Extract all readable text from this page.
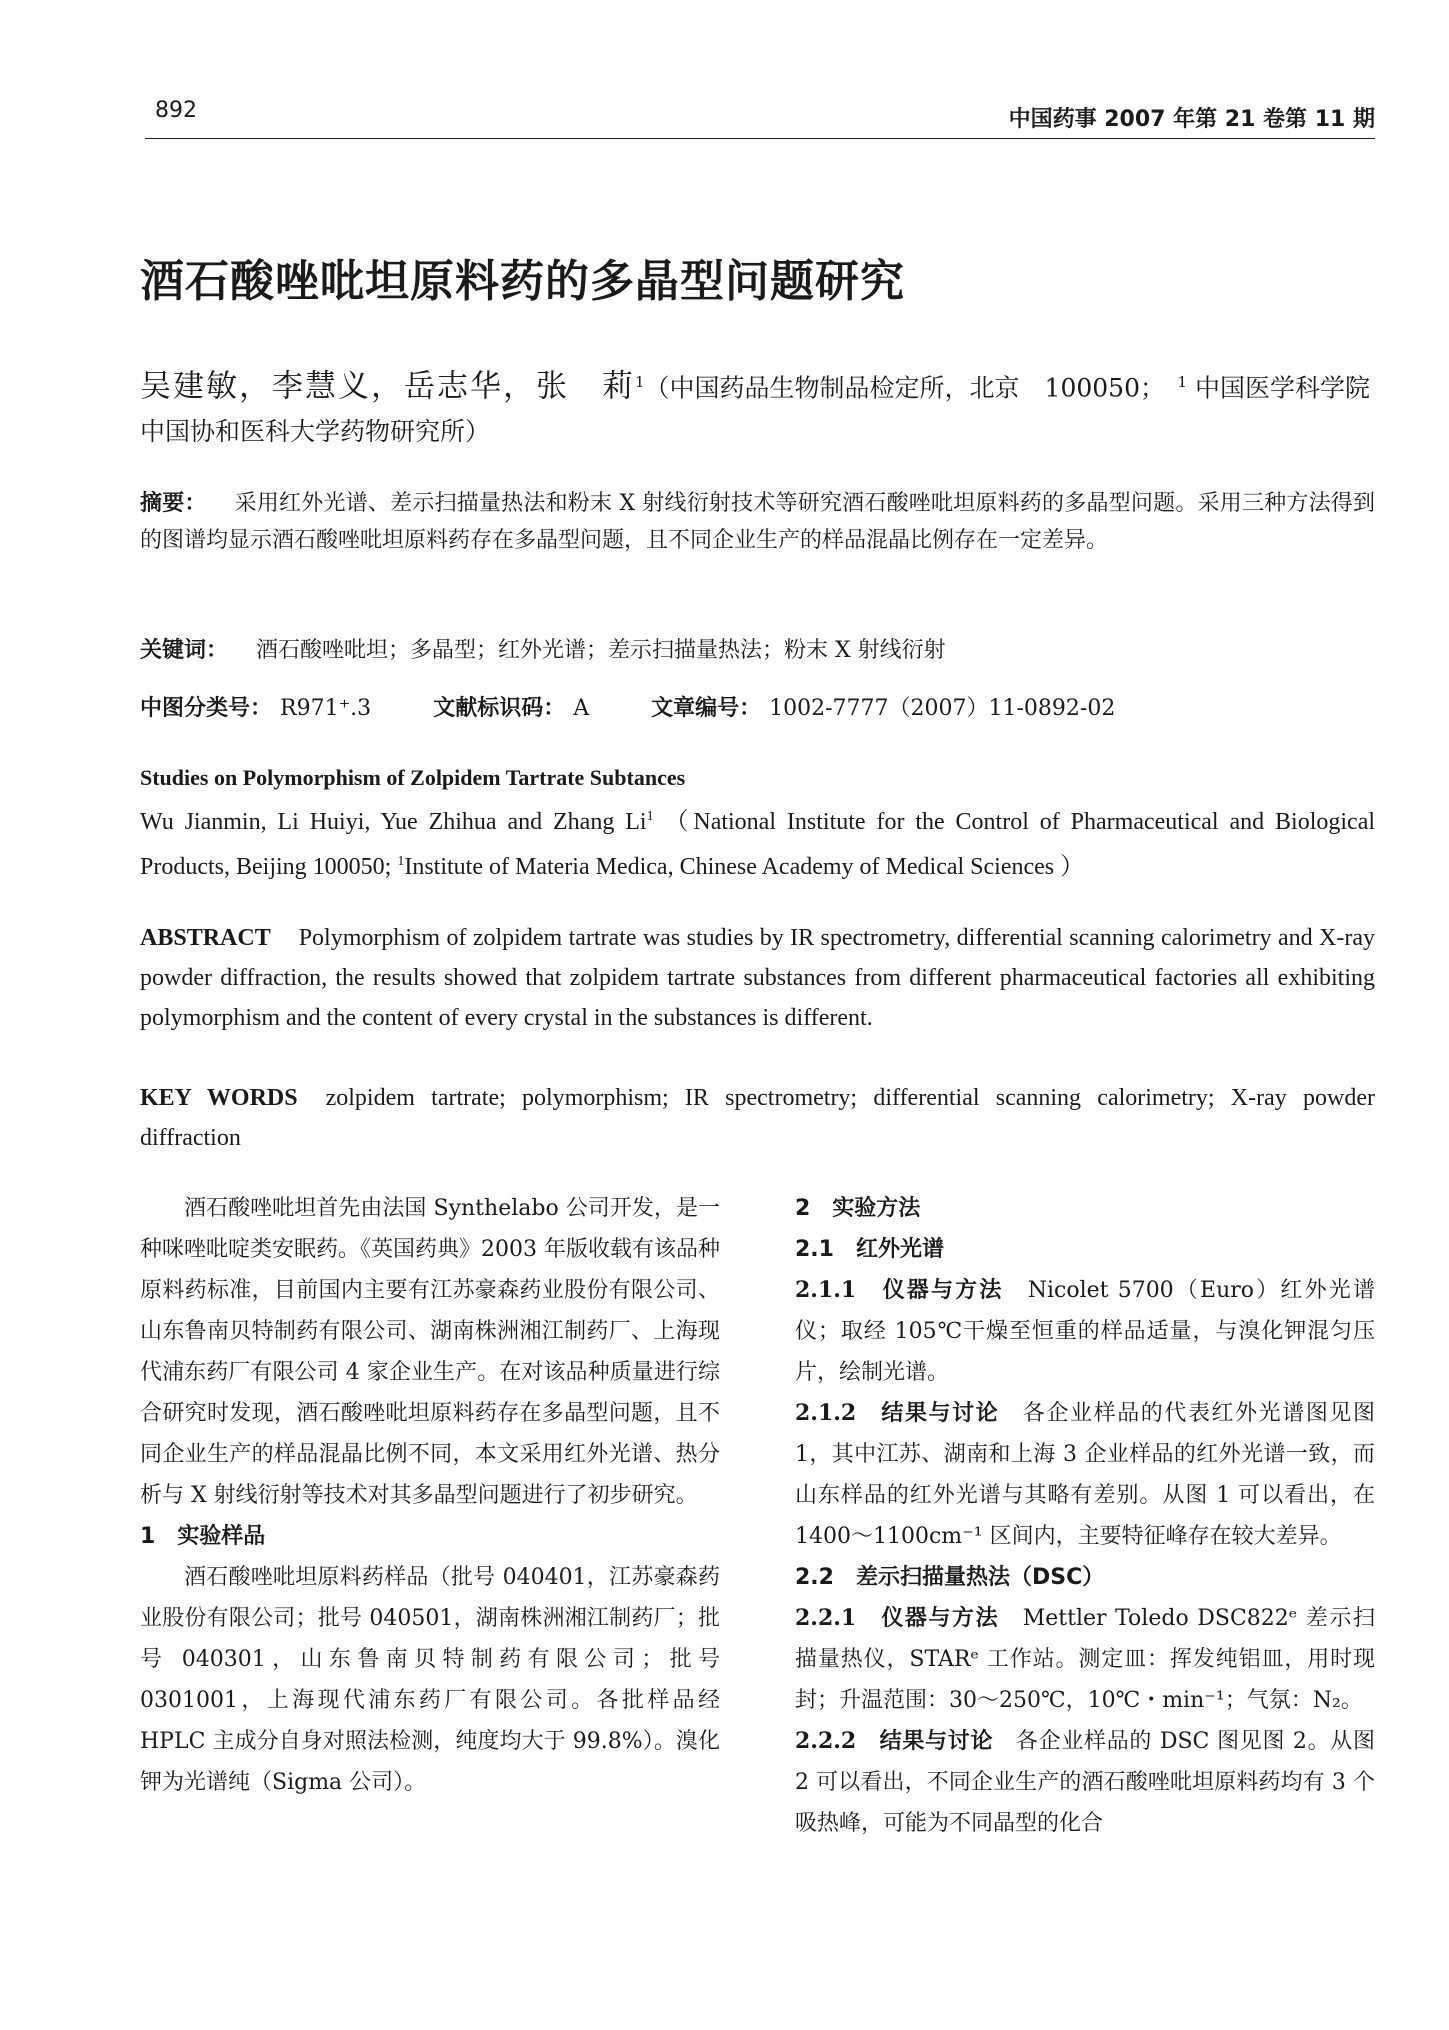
892	中国药事 2007 年第 21 卷第 11 期
酒石酸唑吡坦原料药的多晶型问题研究
吴建敏，李慧义，岳志华，张　莉$^1$（中国药品生物制品检定所，北京　100050；　 $^1$ 中国医学科学院中国协和医科大学药物研究所）
摘要： 采用红外光谱、差示扫描量热法和粉末 X 射线衍射技术等研究酒石酸唑吡坦原料药的多晶型问题。采用三种方法得到的图谱均显示酒石酸唑吡坦原料药存在多晶型问题，且不同企业生产的样品混晶比例存在一定差异。
关键词： 酒石酸唑吡坦；多晶型；红外光谱；差示扫描量热法；粉末 X 射线衍射
中图分类号： R971⁺.3	文献标识码： A	文章编号： 1002-7777（2007）11-0892-02
Studies on Polymorphism of Zolpidem Tartrate Subtances
Wu Jianmin, Li Huiyi, Yue Zhihua and Zhang Li$^1$ （National Institute for the Control of Pharmaceutical and Biological Products, Beijing 100050; $^1$Institute of Materia Medica, Chinese Academy of Medical Sciences ）
ABSTRACT Polymorphism of zolpidem tartrate was studies by IR spectrometry, differential scanning calorimetry and X-ray powder diffraction, the results showed that zolpidem tartrate substances from different pharmaceutical factories all exhibiting polymorphism and the content of every crystal in the substances is different.
KEY WORDS zolpidem tartrate; polymorphism; IR spectrometry; differential scanning calorimetry; X-ray powder diffraction

酒石酸唑吡坦首先由法国 Synthelabo 公司开发，是一种咪唑吡啶类安眠药。《英国药典》2003 年版收载有该品种原料药标准，目前国内主要有江苏豪森药业股份有限公司、山东鲁南贝特制药有限公司、湖南株洲湘江制药厂、上海现代浦东药厂有限公司 4 家企业生产。在对该品种质量进行综合研究时发现，酒石酸唑吡坦原料药存在多晶型问题，且不同企业生产的样品混晶比例不同，本文采用红外光谱、热分析与 X 射线衍射等技术对其多晶型问题进行了初步研究。

1　实验样品

酒石酸唑吡坦原料药样品（批号 040401，江苏豪森药业股份有限公司；批号 040501，湖南株洲湘江制药厂；批号 040301，山东鲁南贝特制药有限公司；批号 0301001，上海现代浦东药厂有限公司。各批样品经 HPLC 主成分自身对照法检测，纯度均大于 99.8%）。溴化钾为光谱纯（Sigma 公司）。

2　实验方法

2.1　红外光谱

2.1.1　仪器与方法　 Nicolet 5700（Euro）红外光谱仪；取经 105℃干燥至恒重的样品适量，与溴化钾混匀压片，绘制光谱。

2.1.2　结果与讨论　 各企业样品的代表红外光谱图见图 1，其中江苏、湖南和上海 3 企业样品的红外光谱一致，而山东样品的红外光谱与其略有差别。从图 1 可以看出，在 1400～1100cm⁻¹ 区间内，主要特征峰存在较大差异。

2.2　差示扫描量热法（DSC）

2.2.1　仪器与方法　 Mettler Toledo DSC822ᵉ 差示扫描量热仪，STARᵉ 工作站。测定皿：挥发纯铝皿，用时现封；升温范围：30～250℃，10℃・min⁻¹；气氛：N₂。

2.2.2　结果与讨论　 各企业样品的 DSC 图见图 2。从图 2 可以看出，不同企业生产的酒石酸唑吡坦原料药均有 3 个吸热峰，可能为不同晶型的化合
